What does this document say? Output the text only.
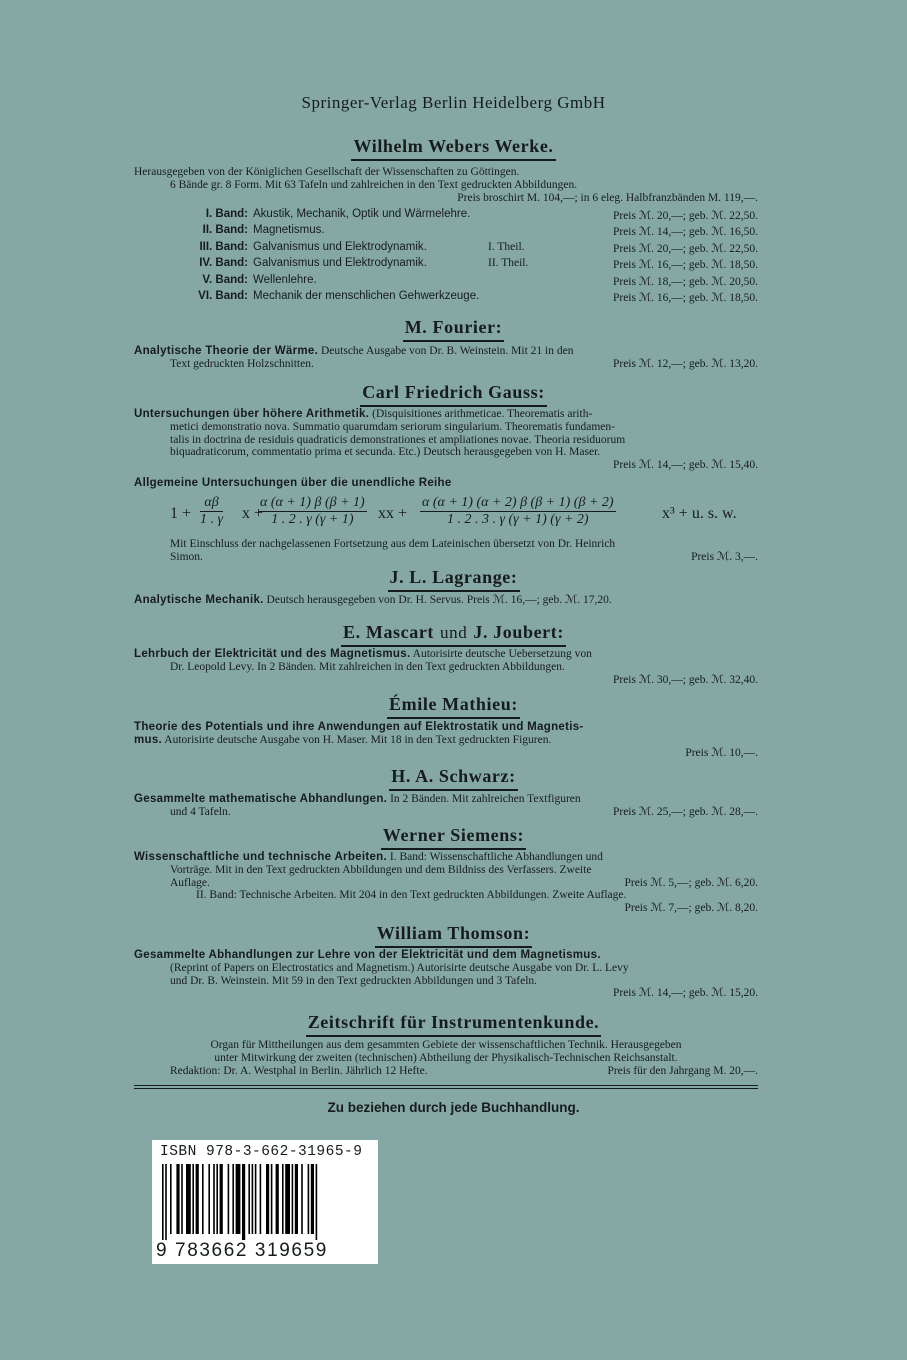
Springer-Verlag Berlin Heidelberg GmbH
Wilhelm Webers Werke.
Herausgegeben von der Königlichen Gesellschaft der Wissenschaften zu Göttingen.
6 Bände gr. 8 Form. Mit 63 Tafeln und zahlreichen in den Text gedruckten Abbildungen.
Preis broschirt M. 104,—; in 6 eleg. Halbfranzbänden M. 119,—.
I. Band: Akustik, Mechanik, Optik und Wärmelehre.	Preis ℳ. 20,—; geb. ℳ. 22,50.
II. Band: Magnetismus.	Preis ℳ. 14,—; geb. ℳ. 16,50.
III. Band: Galvanismus und Elektrodynamik.	I. Theil.	Preis ℳ. 20,—; geb. ℳ. 22,50.
IV. Band: Galvanismus und Elektrodynamik.	II. Theil.	Preis ℳ. 16,—; geb. ℳ. 18,50.
V. Band: Wellenlehre.	Preis ℳ. 18,—; geb. ℳ. 20,50.
VI. Band: Mechanik der menschlichen Gehwerkzeuge.	Preis ℳ. 16,—; geb. ℳ. 18,50.
M. Fourier:
Analytische Theorie der Wärme. Deutsche Ausgabe von Dr. B. Weinstein. Mit 21 in den
Text gedruckten Holzschnitten.	Preis ℳ. 12,—; geb. ℳ. 13,20.
Carl Friedrich Gauss:
Untersuchungen über höhere Arithmetik. (Disquisitiones arithmeticae. Theorematis arith-
metici demonstratio nova. Summatio quarumdam seriorum singularium. Theorematis fundamen-
talis in doctrina de residuis quadraticis demonstrationes et ampliationes novae. Theoria residuorum
biquadraticorum, commentatio prima et secunda. Etc.) Deutsch herausgegeben von H. Maser.
Preis ℳ. 14,—; geb. ℳ. 15,40.
Allgemeine Untersuchungen über die unendliche Reihe
$1 + \frac{\alpha\beta}{1 . \gamma}$ x +
$\frac{\alpha (\alpha + 1) \beta (\beta + 1)}{1 . 2 . \gamma (\gamma + 1)}$ xx + $\frac{\alpha (\alpha + 1) (\alpha + 2) \beta (\beta + 1) (\beta + 2)}{1 . 2 . 3 . \gamma (\gamma + 1) (\gamma + 2)}$	x³ + u. s. w.
Mit Einschluss der nachgelassenen Fortsetzung aus dem Lateinischen übersetzt von Dr. Heinrich
Simon.	Preis ℳ. 3,—.
J. L. Lagrange:
Analytische Mechanik. Deutsch herausgegeben von Dr. H. Servus. Preis ℳ. 16,—; geb. ℳ. 17,20.
E. Mascart und J. Joubert:
Lehrbuch der Elektricität und des Magnetismus. Autorisirte deutsche Uebersetzung von
Dr. Leopold Levy. In 2 Bänden. Mit zahlreichen in den Text gedruckten Abbildungen.
Preis ℳ. 30,—; geb. ℳ. 32,40.
Émile Mathieu:
Theorie des Potentials und ihre Anwendungen auf Elektrostatik und Magnetis-
mus. Autorisirte deutsche Ausgabe von H. Maser. Mit 18 in den Text gedruckten Figuren.
Preis ℳ. 10,—.
H. A. Schwarz:
Gesammelte mathematische Abhandlungen. In 2 Bänden. Mit zahlreichen Textfiguren
und 4 Tafeln.	Preis ℳ. 25,—; geb. ℳ. 28,—.
Werner Siemens:
Wissenschaftliche und technische Arbeiten. I. Band: Wissenschaftliche Abhandlungen und
Vorträge. Mit in den Text gedruckten Abbildungen und dem Bildniss des Verfassers. Zweite
Auflage.	Preis ℳ. 5,—; geb. ℳ. 6,20.
II. Band: Technische Arbeiten. Mit 204 in den Text gedruckten Abbildungen. Zweite Auflage.
Preis ℳ. 7,—; geb. ℳ. 8,20.
William Thomson:
Gesammelte Abhandlungen zur Lehre von der Elektricität und dem Magnetismus.
(Reprint of Papers on Electrostatics and Magnetism.) Autorisirte deutsche Ausgabe von Dr. L. Levy
und Dr. B. Weinstein. Mit 59 in den Text gedruckten Abbildungen und 3 Tafeln.
Preis ℳ. 14,—; geb. ℳ. 15,20.
Zeitschrift für Instrumentenkunde.
Organ für Mittheilungen aus dem gesammten Gebiete der wissenschaftlichen Technik. Herausgegeben
unter Mitwirkung der zweiten (technischen) Abtheilung der Physikalisch-Technischen Reichsanstalt.
Redaktion: Dr. A. Westphal in Berlin. Jährlich 12 Hefte.	Preis für den Jahrgang M. 20,—.
Zu beziehen durch jede Buchhandlung.
ISBN 978-3-662-31965-9
9 783662 319659
